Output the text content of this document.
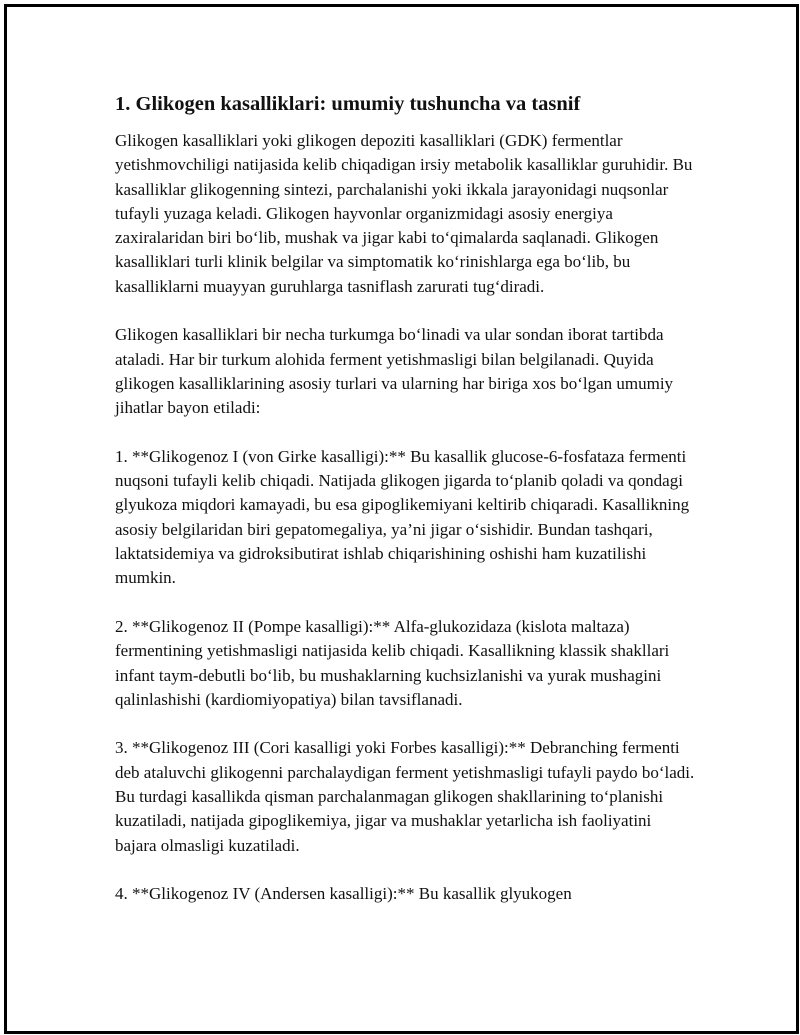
1. Glikogen kasalliklari: umumiy tushuncha va tasnif

Glikogen kasalliklari yoki glikogen depoziti kasalliklari (GDK) fermentlar yetishmovchiligi natijasida kelib chiqadigan irsiy metabolik kasalliklar guruhidir. Bu kasalliklar glikogenning sintezi, parchalanishi yoki ikkala jarayonidagi nuqsonlar tufayli yuzaga keladi. Glikogen hayvonlar organizmidagi asosiy energiya zaxiralaridan biri bo‘lib, mushak va jigar kabi to‘qimalarda saqlanadi. Glikogen kasalliklari turli klinik belgilar va simptomatik ko‘rinishlarga ega bo‘lib, bu kasalliklarni muayyan guruhlarga tasniflash zarurati tug‘diradi.

Glikogen kasalliklari bir necha turkumga bo‘linadi va ular sondan iborat tartibda ataladi. Har bir turkum alohida ferment yetishmasligi bilan belgilanadi. Quyida glikogen kasalliklarining asosiy turlari va ularning har biriga xos bo‘lgan umumiy jihatlar bayon etiladi:

1. **Glikogenoz I (von Girke kasalligi):** Bu kasallik glucose-6-fosfataza fermenti nuqsoni tufayli kelib chiqadi. Natijada glikogen jigarda to‘planib qoladi va qondagi glyukoza miqdori kamayadi, bu esa gipoglikemiyani keltirib chiqaradi. Kasallikning asosiy belgilaridan biri gepatomegaliya, ya’ni jigar o‘sishidir. Bundan tashqari, laktatsidemiya va gidroksibutirat ishlab chiqarishining oshishi ham kuzatilishi mumkin.

2. **Glikogenoz II (Pompe kasalligi):** Alfa-glukozidaza (kislota maltaza) fermentining yetishmasligi natijasida kelib chiqadi. Kasallikning klassik shakllari infant taym-debutli bo‘lib, bu mushaklarning kuchsizlanishi va yurak mushagini qalinlashishi (kardiomiyopatiya) bilan tavsiflanadi.

3. **Glikogenoz III (Cori kasalligi yoki Forbes kasalligi):** Debranching fermenti deb ataluvchi glikogenni parchalaydigan ferment yetishmasligi tufayli paydo bo‘ladi. Bu turdagi kasallikda qisman parchalanmagan glikogen shakllarining to‘planishi kuzatiladi, natijada gipoglikemiya, jigar va mushaklar yetarlicha ish faoliyatini bajara olmasligi kuzatiladi.

4. **Glikogenoz IV (Andersen kasalligi):** Bu kasallik glyukogen
